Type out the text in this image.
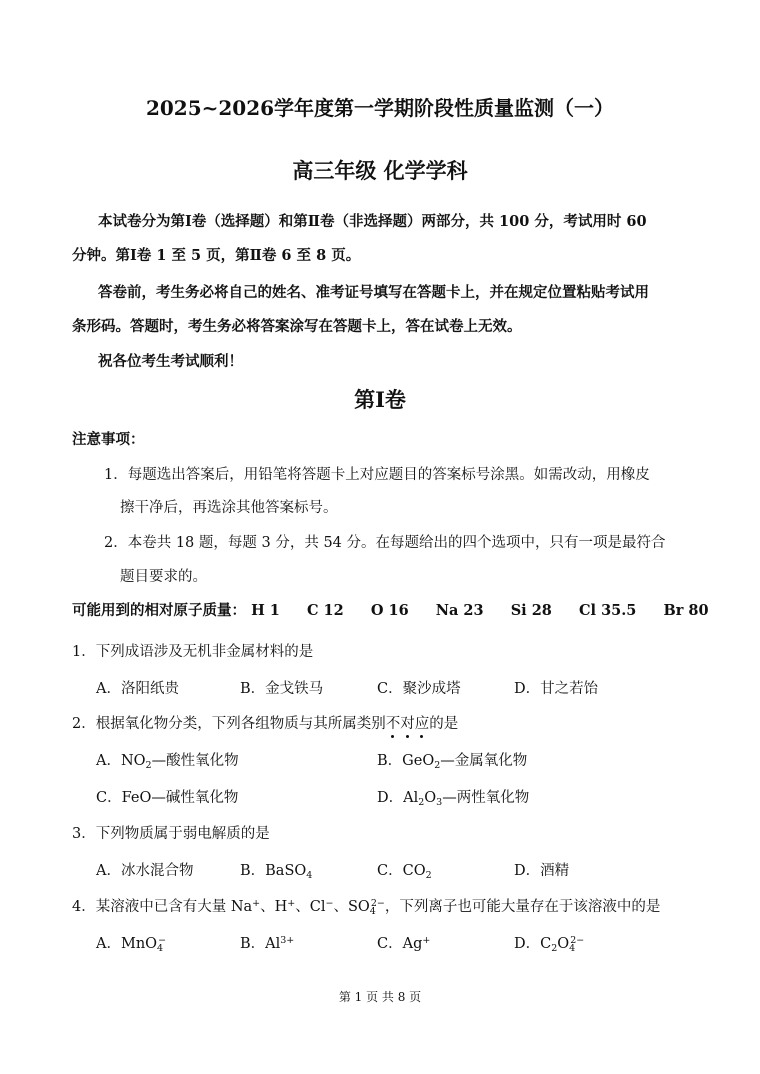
2025~2026学年度第一学期阶段性质量监测（一）
高三年级 化学学科
本试卷分为第Ⅰ卷（选择题）和第Ⅱ卷（非选择题）两部分，共 100 分，考试用时 60
分钟。第Ⅰ卷 1 至 5 页，第Ⅱ卷 6 至 8 页。
答卷前，考生务必将自己的姓名、准考证号填写在答题卡上，并在规定位置粘贴考试用
条形码。答题时，考生务必将答案涂写在答题卡上，答在试卷上无效。
祝各位考生考试顺利！
第Ⅰ卷
注意事项：
1．每题选出答案后，用铅笔将答题卡上对应题目的答案标号涂黑。如需改动，用橡皮
擦干净后，再选涂其他答案标号。
2．本卷共 18 题，每题 3 分，共 54 分。在每题给出的四个选项中，只有一项是最符合
题目要求的。
可能用到的相对原子质量： H 1 C 12 O 16 Na 23 Si 28 Cl 35.5 Br 80
1．下列成语涉及无机非金属材料的是
A．洛阳纸贵	B．金戈铁马	C．聚沙成塔	D．甘之若饴
2．根据氧化物分类，下列各组物质与其所属类别不对应的是
A．$NO_2—$酸性氧化物	B．GeO$_2$—金属氧化物
C．FeO—碱性氧化物	D．$Al_2O_3—$两性氧化物
3．下列物质属于弱电解质的是
A．冰水混合物	B．BaSO$_4$	C．$CO_2$	D．酒精
4．某溶液中已含有大量 Na+、H+、Cl−、$SO_4^{2-}$，下列离子也可能大量存在于该溶液中的是
A．MnO$_4$−	B．$Al^{3+}$	C．Ag+	D．$C_2O_4^{2-}$
第 1 页 共 8 页
